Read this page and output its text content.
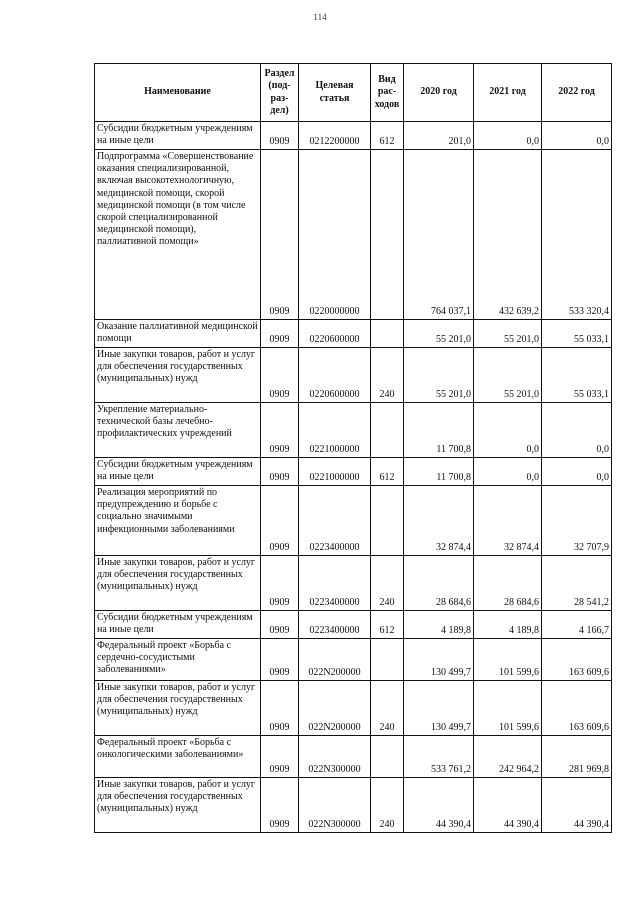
114
Наименование	Раздел (под-раз-дел)	Целевая статья	Вид рас-ходов	2020 год	2021 год	2022 год
Субсидии бюджетным учреждениям на иные цели	0909	0212200000	612	201,0	0,0	0,0
Подпрограмма «Совершенствование оказания специализированной, включая высокотехнологичную, медицинской помощи, скорой медицинской помощи (в том числе скорой специализированной медицинской помощи), паллиативной помощи»	0909	0220000000		764 037,1	432 639,2	533 320,4
Оказание паллиативной медицинской помощи	0909	0220600000		55 201,0	55 201,0	55 033,1
Иные закупки товаров, работ и услуг для обеспечения государственных (муниципальных) нужд	0909	0220600000	240	55 201,0	55 201,0	55 033,1
Укрепление материально-технической базы лечебно-профилактических учреждений	0909	0221000000		11 700,8	0,0	0,0
Субсидии бюджетным учреждениям на иные цели	0909	0221000000	612	11 700,8	0,0	0,0
Реализация мероприятий по предупреждению и борьбе с социально значимыми инфекционными заболеваниями	0909	0223400000		32 874,4	32 874,4	32 707,9
Иные закупки товаров, работ и услуг для обеспечения государственных (муниципальных) нужд	0909	0223400000	240	28 684,6	28 684,6	28 541,2
Субсидии бюджетным учреждениям на иные цели	0909	0223400000	612	4 189,8	4 189,8	4 166,7
Федеральный проект «Борьба с сердечно-сосудистыми заболеваниями»	0909	022N200000		130 499,7	101 599,6	163 609,6
Иные закупки товаров, работ и услуг для обеспечения государственных (муниципальных) нужд	0909	022N200000	240	130 499,7	101 599,6	163 609,6
Федеральный проект «Борьба с онкологическими заболеваниями»	0909	022N300000		533 761,2	242 964,2	281 969,8
Иные закупки товаров, работ и услуг для обеспечения государственных (муниципальных) нужд	0909	022N300000	240	44 390,4	44 390,4	44 390,4
